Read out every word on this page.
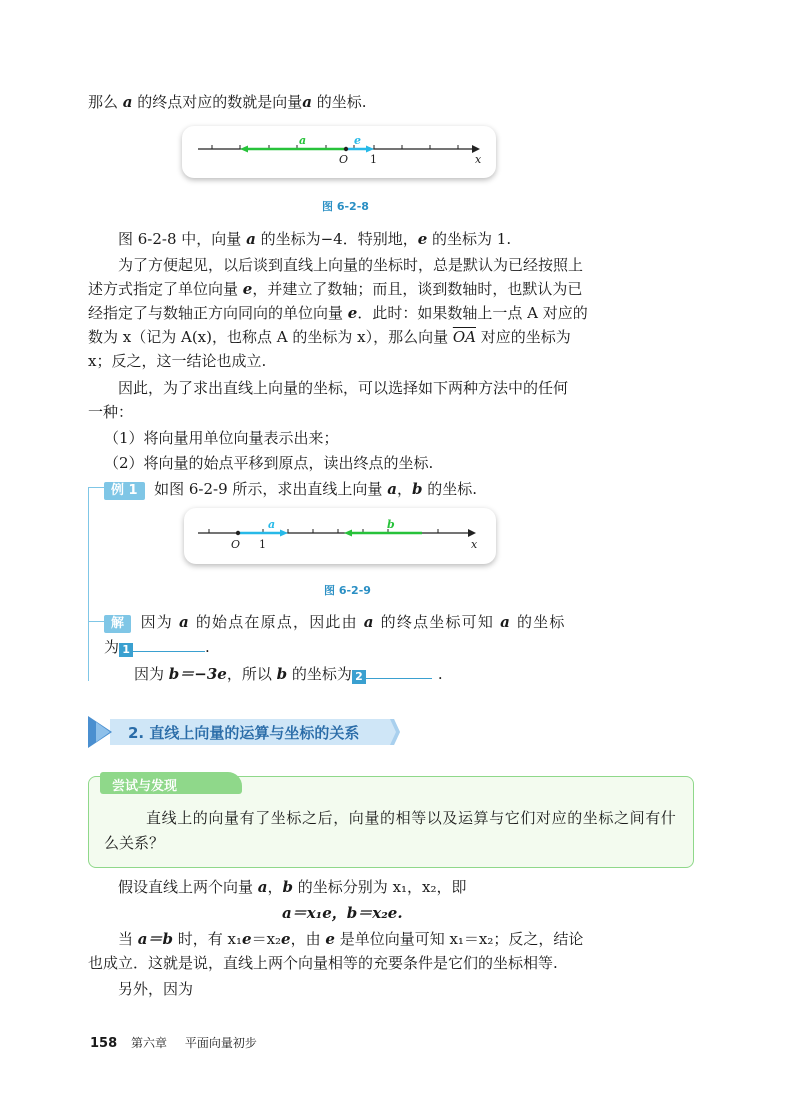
那么 a 的终点对应的数就是向量a 的坐标.
a	e
O 1	x
图 6-2-8
图 6-2-8 中，向量 a 的坐标为−4．特别地，e 的坐标为 1.
为了方便起见，以后谈到直线上向量的坐标时，总是默认为已经按照上
述方式指定了单位向量 e，并建立了数轴；而且，谈到数轴时，也默认为已
经指定了与数轴正方向同向的单位向量 e．此时：如果数轴上一点 A 对应的
数为 x（记为 A(x)，也称点 A 的坐标为 x），那么向量 $\overline{OA}$ 对应的坐标为
x；反之，这一结论也成立.
因此，为了求出直线上向量的坐标，可以选择如下两种方法中的任何
一种：
（1）将向量用单位向量表示出来；
（2）将向量的始点平移到原点，读出终点的坐标.
例 1 如图 6-2-9 所示，求出直线上向量 a，b 的坐标.
a	b
O 1	x
图 6-2-9
解 因为 a 的始点在原点，因此由 a 的终点坐标可知 a 的坐标
为 1	.
因为 b＝−3e，所以 b 的坐标为 2	.
2. 直线上向量的运算与坐标的关系
尝试与发现
直线上的向量有了坐标之后，向量的相等以及运算与它们对应的坐标之间有什
么关系？
假设直线上两个向量 a，b 的坐标分别为 x₁，x₂，即
a＝x₁e，b＝x₂e.
当 a＝b 时，有 x₁e＝x₂e，由 e 是单位向量可知 x₁＝x₂；反之，结论
也成立．这就是说，直线上两个向量相等的充要条件是它们的坐标相等.
另外，因为
158 第六章 平面向量初步
